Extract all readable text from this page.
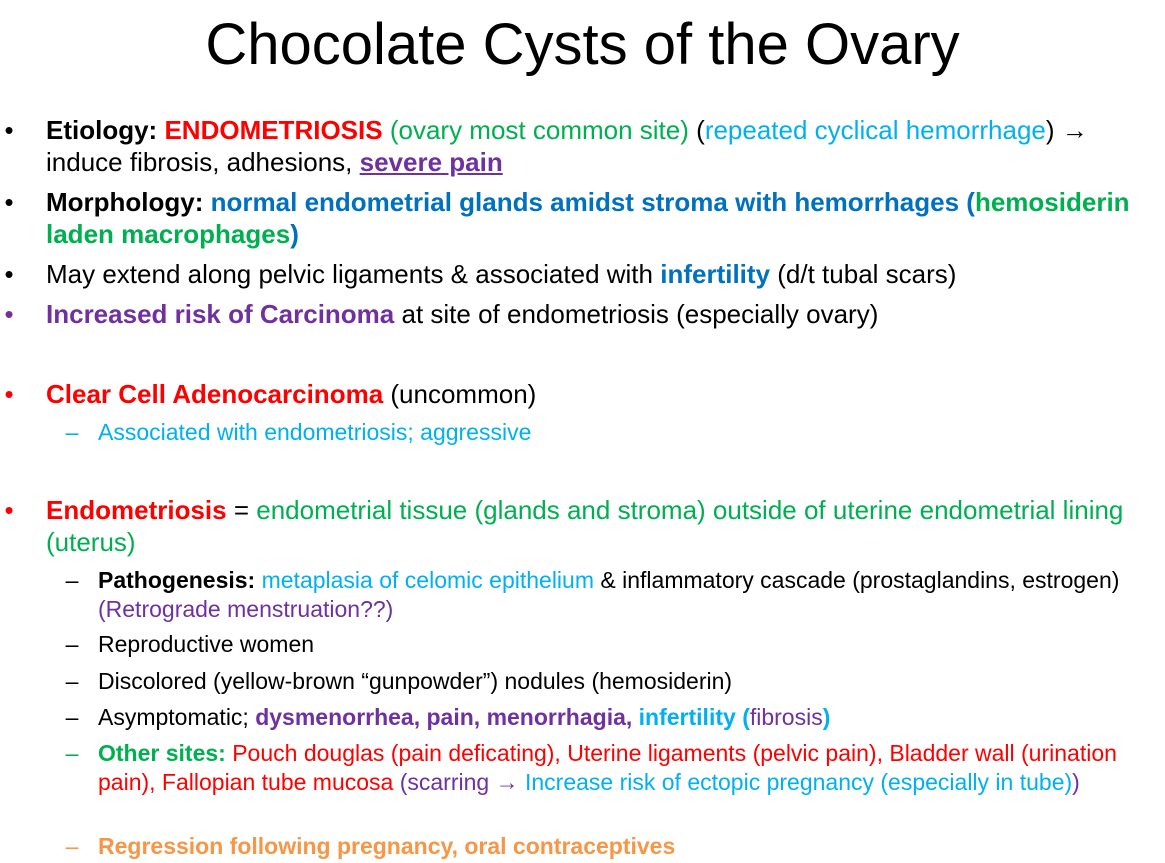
Chocolate Cysts of the Ovary
• Etiology: ENDOMETRIOSIS (ovary most common site) (repeated cyclical hemorrhage) → induce fibrosis, adhesions, severe pain
• Morphology: normal endometrial glands amidst stroma with hemorrhages (hemosiderin laden macrophages)
• May extend along pelvic ligaments & associated with infertility (d/t tubal scars)
• Increased risk of Carcinoma at site of endometriosis (especially ovary)
• Clear Cell Adenocarcinoma (uncommon)
– Associated with endometriosis; aggressive
• Endometriosis = endometrial tissue (glands and stroma) outside of uterine endometrial lining (uterus)
– Pathogenesis: metaplasia of celomic epithelium & inflammatory cascade (prostaglandins, estrogen) (Retrograde menstruation??)
– Reproductive women
– Discolored (yellow-brown “gunpowder”) nodules (hemosiderin)
– Asymptomatic; dysmenorrhea, pain, menorrhagia, infertility (fibrosis)
– Other sites: Pouch douglas (pain deficating), Uterine ligaments (pelvic pain), Bladder wall (urination pain), Fallopian tube mucosa (scarring → Increase risk of ectopic pregnancy (especially in tube))
– Regression following pregnancy, oral contraceptives
